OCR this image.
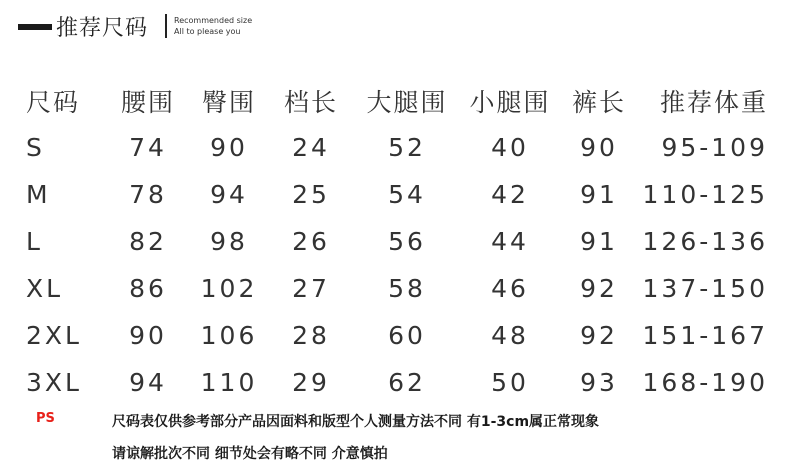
推荐尺码	Recommended size
All to please you
尺码	腰围	臀围	档长	大腿围	小腿围	裤长	推荐体重
S	74	90	24	52	40	90	95-109
M	78	94	25	54	42	91	110-125
L	82	98	26	56	44	91	126-136
XL	86	102	27	58	46	92	137-150
2XL	90	106	28	60	48	92	151-167
3XL	94	110	29	62	50	93	168-190
PS	尺码表仅供参考部分产品因面料和版型个人测量方法不同 有1-3cm属正常现象
请谅解批次不同 细节处会有略不同 介意慎拍
